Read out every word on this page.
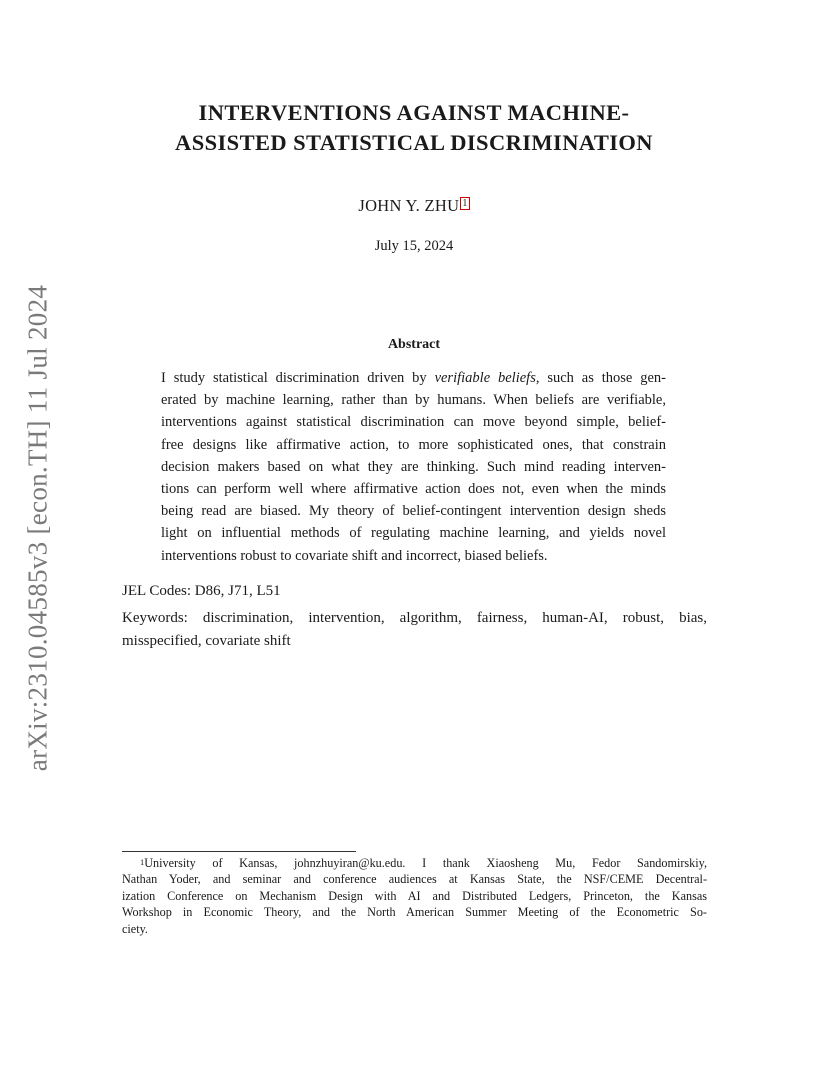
arXiv:2310.04585v3 [econ.TH] 11 Jul 2024
INTERVENTIONS AGAINST MACHINE-
ASSISTED STATISTICAL DISCRIMINATION
JOHN Y. ZHU $^1$
July 15, 2024
Abstract
I study statistical discrimination driven by verifiable beliefs, such as those gen-
erated by machine learning, rather than by humans. When beliefs are verifiable,
interventions against statistical discrimination can move beyond simple, belief-
free designs like affirmative action, to more sophisticated ones, that constrain
decision makers based on what they are thinking. Such mind reading interven-
tions can perform well where affirmative action does not, even when the minds
being read are biased. My theory of belief-contingent intervention design sheds
light on influential methods of regulating machine learning, and yields novel
interventions robust to covariate shift and incorrect, biased beliefs.
JEL Codes: D86, J71, L51
Keywords: discrimination, intervention, algorithm, fairness, human-AI, robust, bias,
misspecified, covariate shift
$^1$University of Kansas, johnzhuyiran@ku.edu. I thank Xiaosheng Mu, Fedor Sandomirskiy,
Nathan Yoder, and seminar and conference audiences at Kansas State, the NSF/CEME Decentral-
ization Conference on Mechanism Design with AI and Distributed Ledgers, Princeton, the Kansas
Workshop in Economic Theory, and the North American Summer Meeting of the Econometric So-
ciety.
